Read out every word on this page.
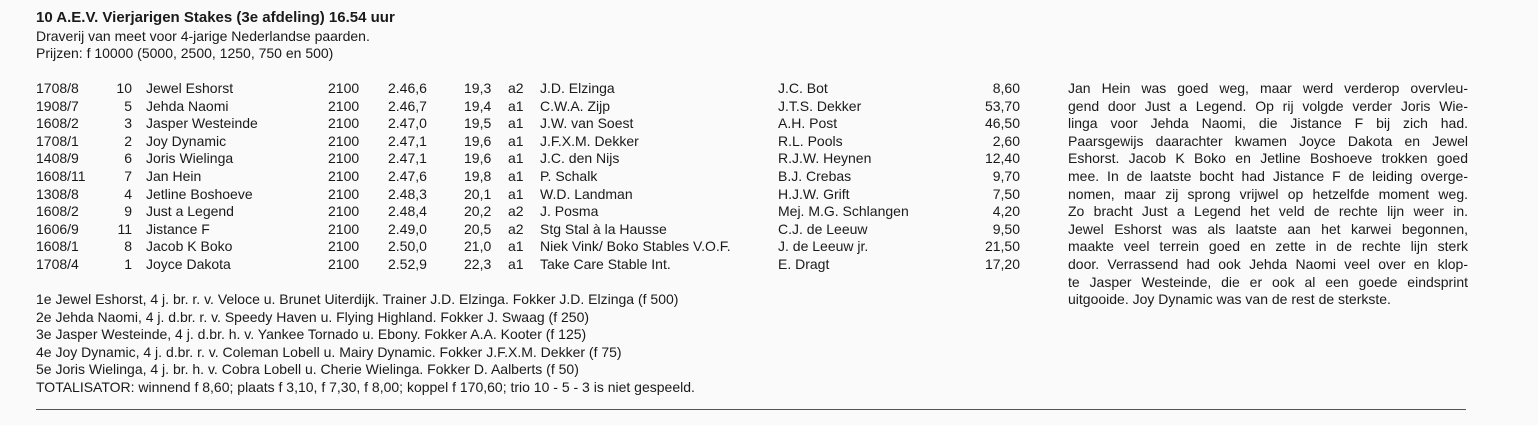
10 A.E.V. Vierjarigen Stakes (3e afdeling) 16.54 uur
Draverij van meet voor 4-jarige Nederlandse paarden.
Prijzen: f 10000 (5000, 2500, 1250, 750 en 500)
1708/8	10 Jewel Eshorst	2100 2.46,6	19,3 a2 J.D. Elzinga	J.C. Bot	8,60
1908/7	5 Jehda Naomi	2100 2.46,7	19,4 a1 C.W.A. Zijp	J.T.S. Dekker	53,70
1608/2	3 Jasper Westeinde	2100 2.47,0	19,5 a1 J.W. van Soest	A.H. Post	46,50
1708/1	2 Joy Dynamic	2100 2.47,1	19,6 a1 J.F.X.M. Dekker	R.L. Pools	2,60
1408/9	6 Joris Wielinga	2100 2.47,1	19,6 a1 J.C. den Nijs	R.J.W. Heynen	12,40
1608/11	7 Jan Hein	2100 2.47,6	19,8 a1 P. Schalk	B.J. Crebas	9,70
1308/8	4 Jetline Boshoeve	2100 2.48,3	20,1 a1 W.D. Landman	H.J.W. Grift	7,50
1608/2	9 Just a Legend	2100 2.48,4	20,2 a2 J. Posma	Mej. M.G. Schlangen	4,20
1606/9	11 Jistance F	2100 2.49,0	20,5 a2 Stg Stal à la Hausse	C.J. de Leeuw	9,50
1608/1	8 Jacob K Boko	2100 2.50,0	21,0 a1 Niek Vink/ Boko Stables V.O.F.	J. de Leeuw jr.	21,50
1708/4	1 Joyce Dakota	2100 2.52,9	22,3 a1 Take Care Stable Int.	E. Dragt	17,20
Jan Hein was goed weg, maar werd verderop overvleu-
gend door Just a Legend. Op rij volgde verder Joris Wie-
linga voor Jehda Naomi, die Jistance F bij zich had.
Paarsgewijs daarachter kwamen Joyce Dakota en Jewel
Eshorst. Jacob K Boko en Jetline Boshoeve trokken goed
mee. In de laatste bocht had Jistance F de leiding overge-
nomen, maar zij sprong vrijwel op hetzelfde moment weg.
Zo bracht Just a Legend het veld de rechte lijn weer in.
Jewel Eshorst was als laatste aan het karwei begonnen,
maakte veel terrein goed en zette in de rechte lijn sterk
door. Verrassend had ook Jehda Naomi veel over en klop-
te Jasper Westeinde, die er ook al een goede eindsprint
uitgooide. Joy Dynamic was van de rest de sterkste.
1e Jewel Eshorst, 4 j. br. r. v. Veloce u. Brunet Uiterdijk. Trainer J.D. Elzinga. Fokker J.D. Elzinga (f 500)
2e Jehda Naomi, 4 j. d.br. r. v. Speedy Haven u. Flying Highland. Fokker J. Swaag (f 250)
3e Jasper Westeinde, 4 j. d.br. h. v. Yankee Tornado u. Ebony. Fokker A.A. Kooter (f 125)
4e Joy Dynamic, 4 j. d.br. r. v. Coleman Lobell u. Mairy Dynamic. Fokker J.F.X.M. Dekker (f 75)
5e Joris Wielinga, 4 j. br. h. v. Cobra Lobell u. Cherie Wielinga. Fokker D. Aalberts (f 50)
TOTALISATOR: winnend f 8,60; plaats f 3,10, f 7,30, f 8,00; koppel f 170,60; trio 10 - 5 - 3 is niet gespeeld.
